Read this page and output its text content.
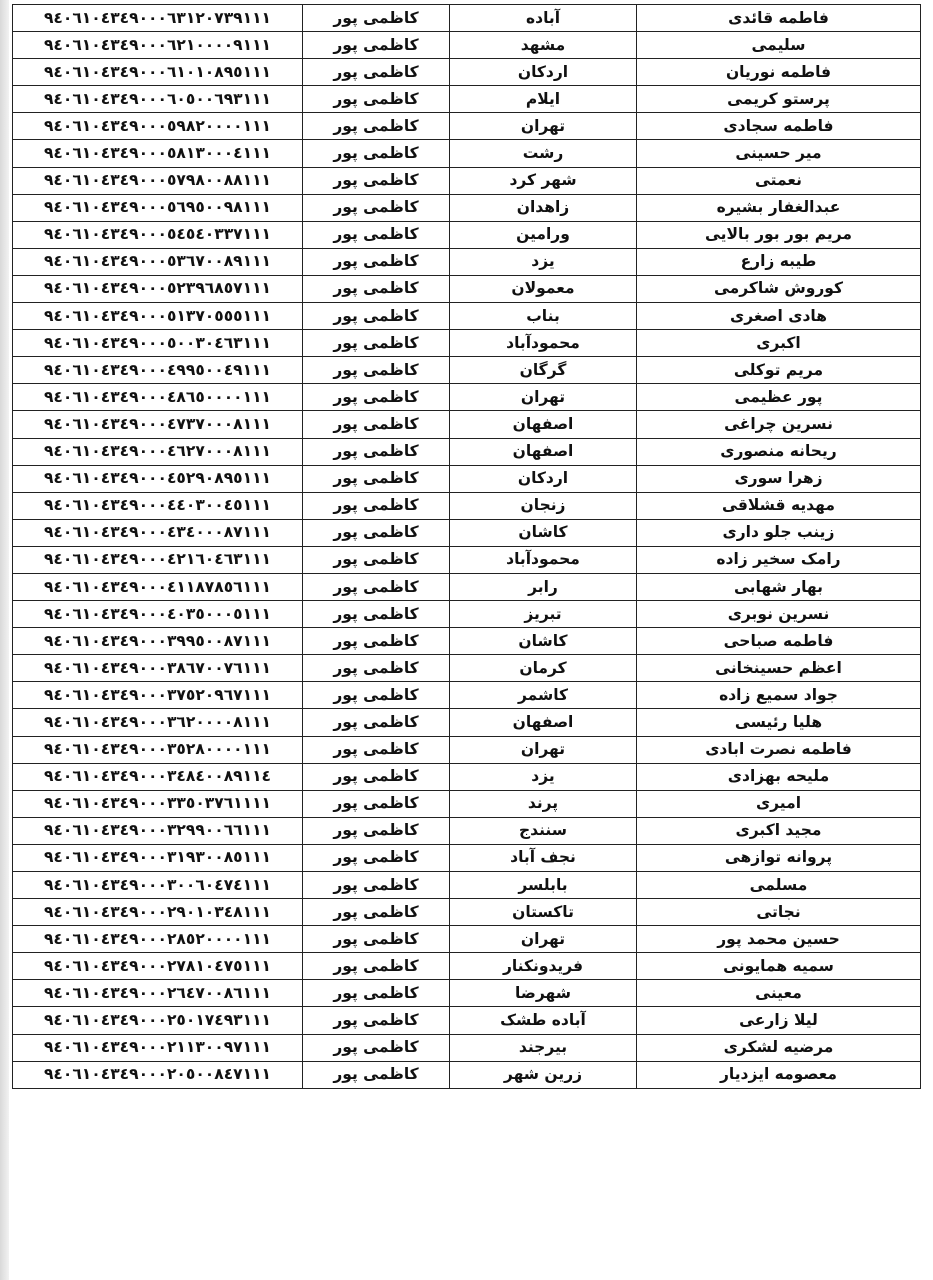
فاطمه قائدی	آباده	کاظمی پور	۹٤۰٦١۰٤٣٤۹۰۰۰٦٣١٢۰٧٣۹١١١
سلیمی	مشهد	کاظمی پور	۹٤۰٦١۰٤٣٤۹۰۰۰٦٢١۰۰۰۰۹١١١
فاطمه نوریان	اردکان	کاظمی پور	۹٤۰٦١۰٤٣٤۹۰۰۰٦١۰١۰٨۹٥١١١
پرستو کریمی	ایلام	کاظمی پور	۹٤۰٦١۰٤٣٤۹۰۰۰٦۰٥۰۰٦۹٣١١١
فاطمه سجادی	تهران	کاظمی پور	۹٤۰٦١۰٤٣٤۹۰۰۰٥۹٨٢۰۰۰۰١١١
میر حسینی	رشت	کاظمی پور	۹٤۰٦١۰٤٣٤۹۰۰۰٥٨١٣۰۰۰٤١١١
نعمتی	شهر کرد	کاظمی پور	۹٤۰٦١۰٤٣٤۹۰۰۰٥٧۹٨۰۰٨٨١١١
عبدالغفار بشیره	زاهدان	کاظمی پور	۹٤۰٦١۰٤٣٤۹۰۰۰٥٦۹٥۰۰۹٨١١١
مریم بور بور بالایی	ورامین	کاظمی پور	۹٤۰٦١۰٤٣٤۹۰۰۰٥٤٥٤۰٣٣٧١١١
طیبه زارع	یزد	کاظمی پور	۹٤۰٦١۰٤٣٤۹۰۰۰٥٣٦٧۰۰٨۹١١١
کوروش شاکرمی	معمولان	کاظمی پور	۹٤۰٦١۰٤٣٤۹۰۰۰٥٢٣۹٦٨٥٧١١١
هادی اصغری	بناب	کاظمی پور	۹٤۰٦١۰٤٣٤۹۰۰۰٥١٣٧۰٥٥٥١١١
اکبری	محمودآباد	کاظمی پور	۹٤۰٦١۰٤٣٤۹۰۰۰٥۰۰٣۰٤٦٣١١١
مریم توکلی	گرگان	کاظمی پور	۹٤۰٦١۰٤٣٤۹۰۰۰٤۹۹٥۰۰٤۹١١١
پور عظیمی	تهران	کاظمی پور	۹٤۰٦١۰٤٣٤۹۰۰۰٤٨٦٥۰۰۰۰١١١
نسرین چراغی	اصفهان	کاظمی پور	۹٤۰٦١۰٤٣٤۹۰۰۰٤٧٣٧۰۰۰٨١١١
ریحانه منصوری	اصفهان	کاظمی پور	۹٤۰٦١۰٤٣٤۹۰۰۰٤٦٢٧۰۰۰٨١١١
زهرا سوری	اردکان	کاظمی پور	۹٤۰٦١۰٤٣٤۹۰۰۰٤٥٢۹۰٨۹٥١١١
مهدیه قشلاقی	زنجان	کاظمی پور	۹٤۰٦١۰٤٣٤۹۰۰۰٤٤۰٣۰۰٤٥١١١
زینب جلو داری	کاشان	کاظمی پور	۹٤۰٦١۰٤٣٤۹۰۰۰٤٣٤۰۰۰٨٧١١١
رامک سخیر زاده	محمودآباد	کاظمی پور	۹٤۰٦١۰٤٣٤۹۰۰۰٤٢١٦۰٤٦٣١١١
بهار شهابی	رابر	کاظمی پور	۹٤۰٦١۰٤٣٤۹۰۰۰٤١١٨٧٨٥٦١١١
نسرین نوبری	تبریز	کاظمی پور	۹٤۰٦١۰٤٣٤۹۰۰۰٤۰٣٥۰۰۰٥١١١
فاطمه صباحی	کاشان	کاظمی پور	۹٤۰٦١۰٤٣٤۹۰۰۰٣۹۹٥۰۰٨٧١١١
اعظم حسینخانی	کرمان	کاظمی پور	۹٤۰٦١۰٤٣٤۹۰۰۰٣٨٦٧۰۰٧٦١١١
جواد سمیع زاده	کاشمر	کاظمی پور	۹٤۰٦١۰٤٣٤۹۰۰۰٣٧٥٢۰۹٦٧١١١
هلیا رئیسی	اصفهان	کاظمی پور	۹٤۰٦١۰٤٣٤۹۰۰۰٣٦٢۰۰۰۰٨١١١
فاطمه نصرت ابادی	تهران	کاظمی پور	۹٤۰٦١۰٤٣٤۹۰۰۰٣٥٢٨۰۰۰۰١١١
ملیحه بهزادی	یزد	کاظمی پور	۹٤۰٦١۰٤٣٤۹۰۰۰٣٤٨٤۰۰٨۹١١٤
امیری	پرند	کاظمی پور	۹٤۰٦١۰٤٣٤۹۰۰۰٣٣٥۰٣٧٦١١١١
مجید اکبری	سنندج	کاظمی پور	۹٤۰٦١۰٤٣٤۹۰۰۰٣٢۹۹۰۰٦٦١١١
پروانه توازهی	نجف آباد	کاظمی پور	۹٤۰٦١۰٤٣٤۹۰۰۰٣١۹٣۰۰٨٥١١١
مسلمی	بابلسر	کاظمی پور	۹٤۰٦١۰٤٣٤۹۰۰۰٣۰۰٦۰٤٧٤١١١
نجاتی	تاکستان	کاظمی پور	۹٤۰٦١۰٤٣٤۹۰۰۰٢۹۰١۰٣٤٨١١١
حسین محمد پور	تهران	کاظمی پور	۹٤۰٦١۰٤٣٤۹۰۰۰٢٨٥٢۰۰۰۰١١١
سمیه همایونی	فریدونکنار	کاظمی پور	۹٤۰٦١۰٤٣٤۹۰۰۰٢٧٨١۰٤٧٥١١١
معینی	شهرضا	کاظمی پور	۹٤۰٦١۰٤٣٤۹۰۰۰٢٦٤٧۰۰٨٦١١١
لیلا زارعی	آباده طشک	کاظمی پور	۹٤۰٦١۰٤٣٤۹۰۰۰٢٥۰١٧٤۹٣١١١
مرضیه لشکری	بیرجند	کاظمی پور	۹٤۰٦١۰٤٣٤۹۰۰۰٢١١٣۰۰۹٧١١١
معصومه ایزدیار	زرین شهر	کاظمی پور	۹٤۰٦١۰٤٣٤۹۰۰۰٢۰٥۰۰٨٤٧١١١
